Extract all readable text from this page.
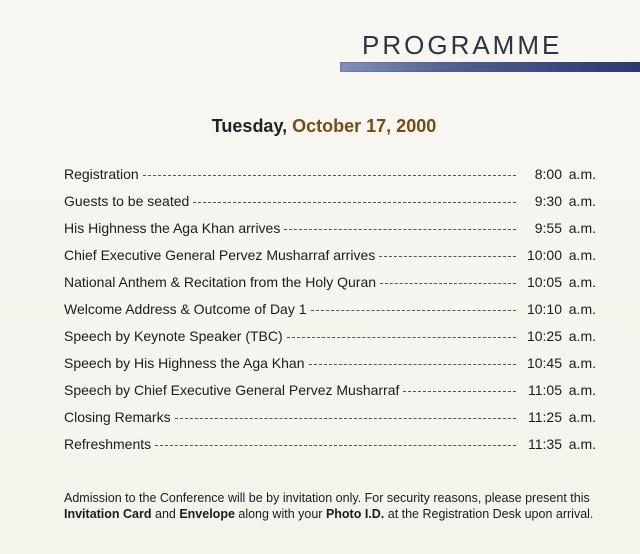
PROGRAMME
Tuesday, October 17, 2000
Registration	8:00 a.m.
Guests to be seated	9:30 a.m.
His Highness the Aga Khan arrives	9:55 a.m.
Chief Executive General Pervez Musharraf arrives	10:00 a.m.
National Anthem & Recitation from the Holy Quran	10:05 a.m.
Welcome Address & Outcome of Day 1	10:10 a.m.
Speech by Keynote Speaker (TBC)	10:25 a.m.
Speech by His Highness the Aga Khan	10:45 a.m.
Speech by Chief Executive General Pervez Musharraf	11:05 a.m.
Closing Remarks	11:25 a.m.
Refreshments	11:35 a.m.
Admission to the Conference will be by invitation only. For security reasons, please present this Invitation Card and Envelope along with your Photo I.D. at the Registration Desk upon arrival.
